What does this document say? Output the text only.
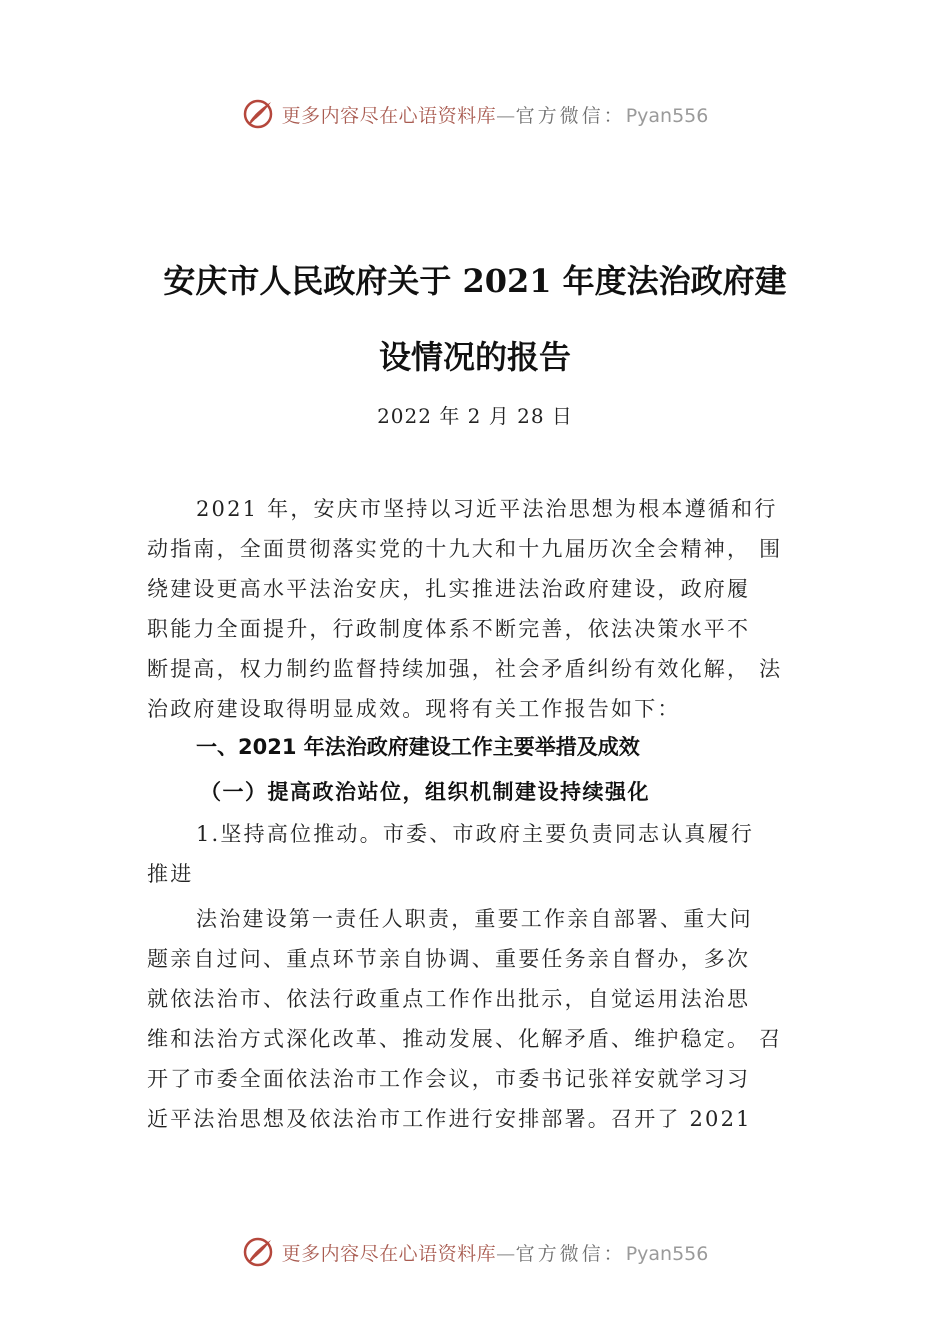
更多内容尽在心语资料库—官方微信：Pyan556
安庆市人民政府关于 2021 年度法治政府建
设情况的报告
2022 年 2 月 28 日
2021 年，安庆市坚持以习近平法治思想为根本遵循和行
动指南，全面贯彻落实党的十九大和十九届历次全会精神， 围
绕建设更高水平法治安庆，扎实推进法治政府建设，政府履
职能力全面提升，行政制度体系不断完善，依法决策水平不
断提高，权力制约监督持续加强，社会矛盾纠纷有效化解， 法
治政府建设取得明显成效。现将有关工作报告如下：
一、2021 年法治政府建设工作主要举措及成效
（一）提高政治站位，组织机制建设持续强化
1.坚持高位推动。市委、市政府主要负责同志认真履行
推进
法治建设第一责任人职责，重要工作亲自部署、重大问
题亲自过问、重点环节亲自协调、重要任务亲自督办，多次
就依法治市、依法行政重点工作作出批示，自觉运用法治思
维和法治方式深化改革、推动发展、化解矛盾、维护稳定。 召
开了市委全面依法治市工作会议，市委书记张祥安就学习习
近平法治思想及依法治市工作进行安排部署。召开了 2021
更多内容尽在心语资料库—官方微信：Pyan556
